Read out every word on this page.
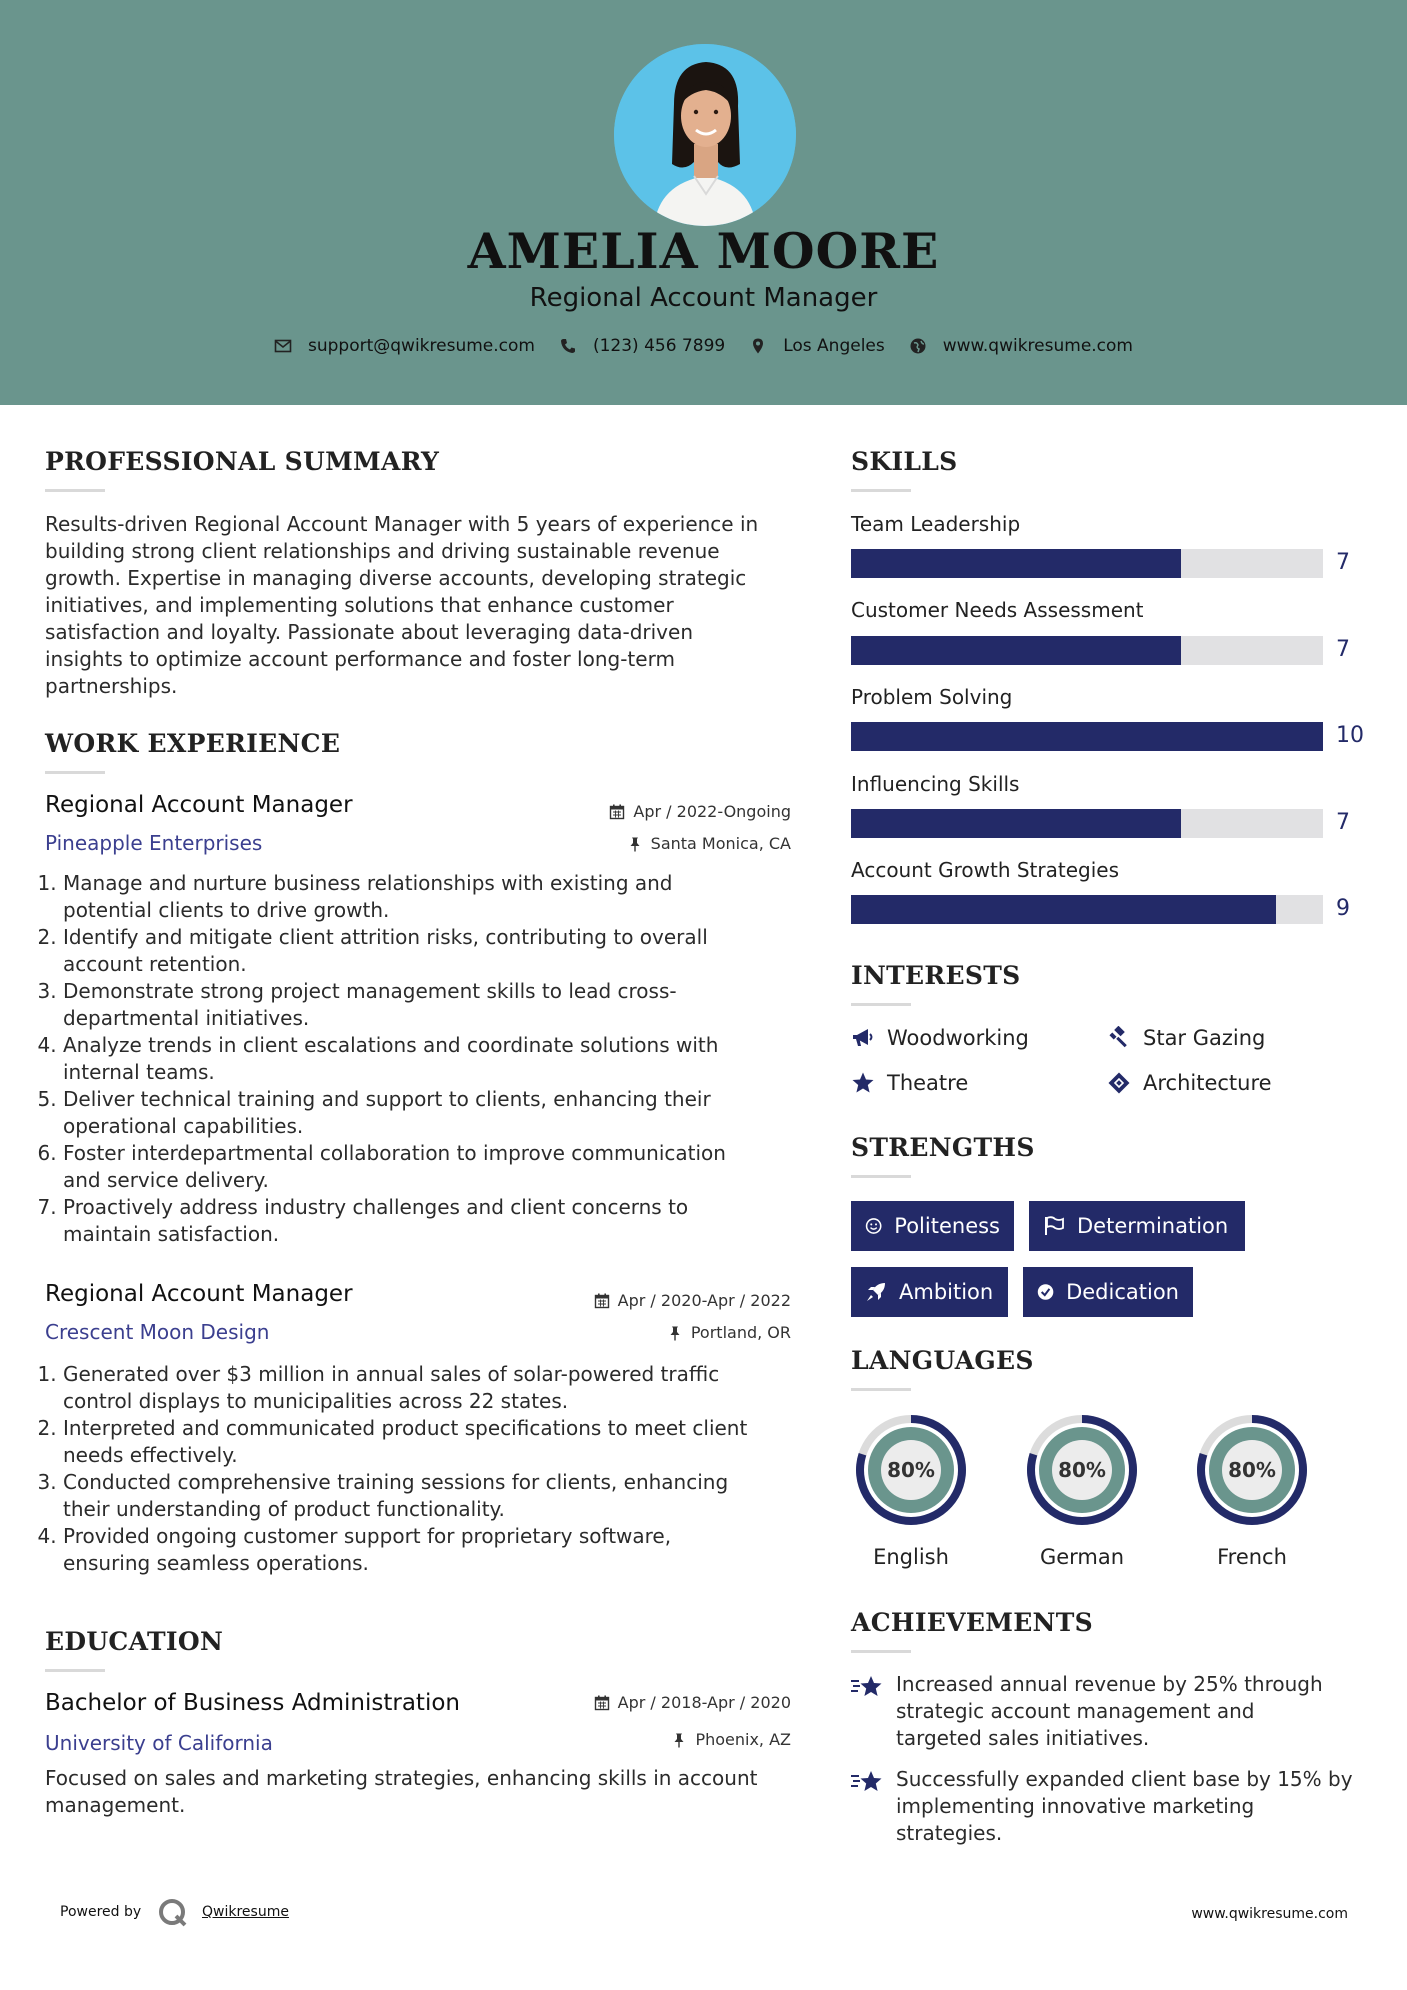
AMELIA MOORE
Regional Account Manager
support@qwikresume.com	(123) 456 7899	Los Angeles	www.qwikresume.com
PROFESSIONAL SUMMARY
Results-driven Regional Account Manager with 5 years of experience in
building strong client relationships and driving sustainable revenue
growth. Expertise in managing diverse accounts, developing strategic
initiatives, and implementing solutions that enhance customer
satisfaction and loyalty. Passionate about leveraging data-driven
insights to optimize account performance and foster long-term
partnerships.
WORK EXPERIENCE
Regional Account Manager
Pineapple Enterprises
Apr / 2022-Ongoing
Santa Monica, CA
1. Manage and nurture business relationships with existing and
potential clients to drive growth.
2. Identify and mitigate client attrition risks, contributing to overall
account retention.
3. Demonstrate strong project management skills to lead cross-
departmental initiatives.
4. Analyze trends in client escalations and coordinate solutions with
internal teams.
5. Deliver technical training and support to clients, enhancing their
operational capabilities.
6. Foster interdepartmental collaboration to improve communication
and service delivery.
7. Proactively address industry challenges and client concerns to
maintain satisfaction.
Regional Account Manager
Crescent Moon Design
Apr / 2020-Apr / 2022
Portland, OR
1. Generated over $3 million in annual sales of solar-powered traffic
control displays to municipalities across 22 states.
2. Interpreted and communicated product specifications to meet client
needs effectively.
3. Conducted comprehensive training sessions for clients, enhancing
their understanding of product functionality.
4. Provided ongoing customer support for proprietary software,
ensuring seamless operations.
EDUCATION
Bachelor of Business Administration
University of California
Apr / 2018-Apr / 2020
Phoenix, AZ
Focused on sales and marketing strategies, enhancing skills in account
management.
SKILLS
Team Leadership
7
Customer Needs Assessment
7
Problem Solving
10
Influencing Skills
7
Account Growth Strategies
9
INTERESTS
Woodworking	Star Gazing
Theatre	Architecture
STRENGTHS
Politeness	Determination
Ambition	Dedication
LANGUAGES
80%
English
80%
German
80%
French
ACHIEVEMENTS
Increased annual revenue by 25% through
strategic account management and
targeted sales initiatives.
Successfully expanded client base by 15% by
implementing innovative marketing
strategies.
Powered by	Qwikresume	www.qwikresume.com
